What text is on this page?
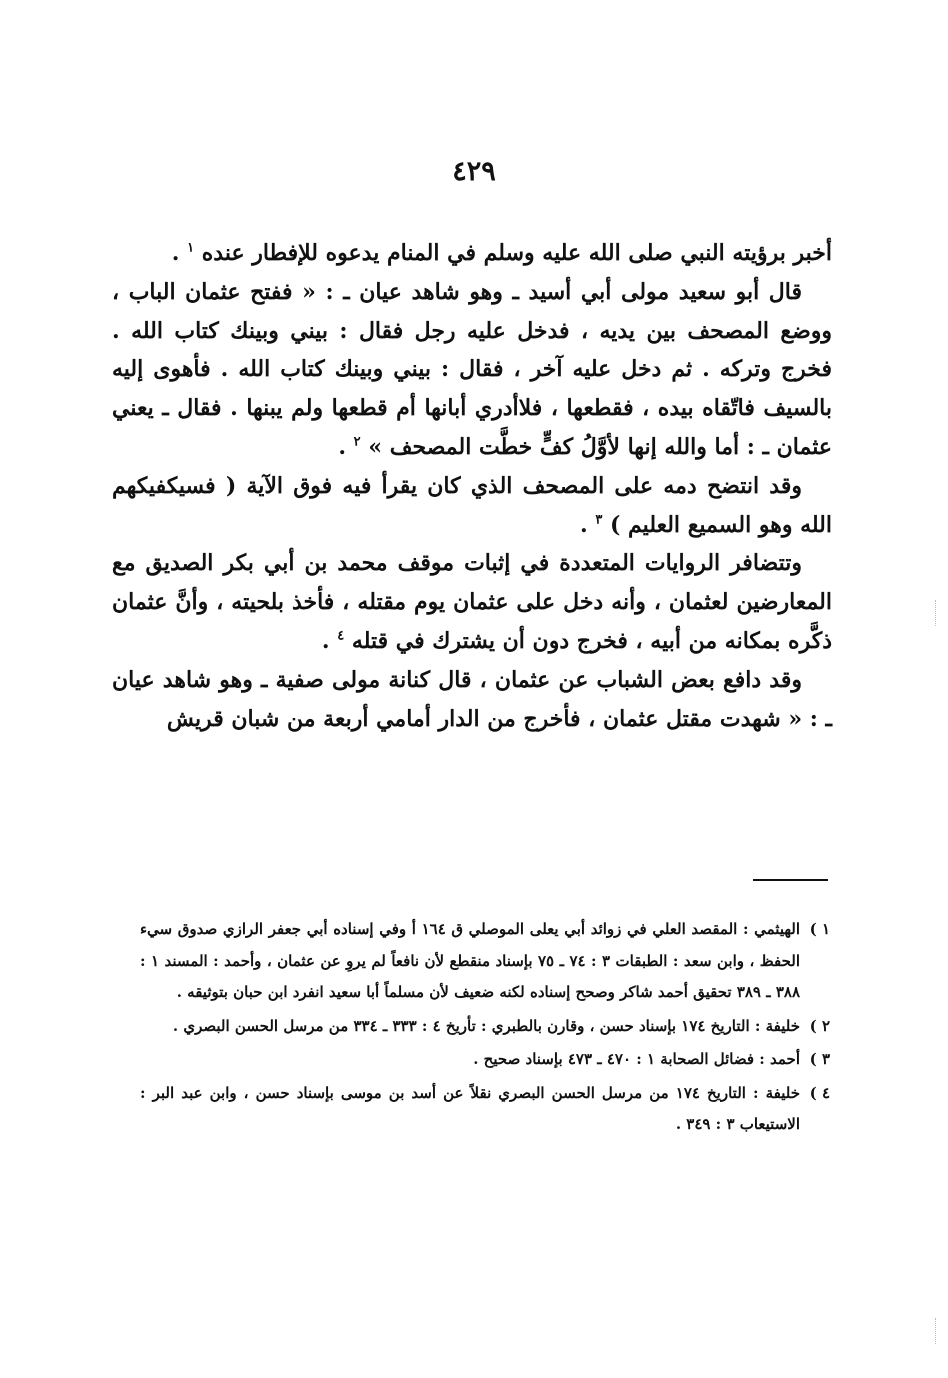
٤٢٩

أخبر برؤيته النبي صلى الله عليه وسلم في المنام يدعوه للإفطار عنده $^١$ .

قال أبو سعيد مولى أبي أسيد ـ وهو شاهد عيان ـ : « ففتح عثمان الباب ، ووضع المصحف بين يديه ، فدخل عليه رجل فقال : بيني وبينك كتاب الله . فخرج وتركه . ثم دخل عليه آخر ، فقال : بيني وبينك كتاب الله . فأهوى إليه بالسيف فاتّقاه بيده ، فقطعها ، فلاأدري أبانها أم قطعها ولم يبنها . فقال ـ يعني عثمان ـ : أما والله إنها لأوَّلُ كفٍّ خطَّت المصحف » $^٢$ .

وقد انتضح دمه على المصحف الذي كان يقرأ فيه فوق الآية ( فسيكفيكهم الله وهو السميع العليم ) $^٣$ .

وتتضافر الروايات المتعددة في إثبات موقف محمد بن أبي بكر الصديق مع المعارضين لعثمان ، وأنه دخل على عثمان يوم مقتله ، فأخذ بلحيته ، وأنَّ عثمان ذكَّره بمكانه من أبيه ، فخرج دون أن يشترك في قتله $^٤$ .

وقد دافع بعض الشباب عن عثمان ، قال كنانة مولى صفية ـ وهو شاهد عيان ـ : « شهدت مقتل عثمان ، فأخرج من الدار أمامي أربعة من شبان قريش

١ )
الهيثمي : المقصد العلي في زوائد أبي يعلى الموصلي ق ١٦٤ أ وفي إسناده أبي جعفر الرازي صدوق سيء الحفظ ، وابن سعد : الطبقات ٣ : ٧٤ ـ ٧٥ بإسناد منقطع لأن نافعاً لم يروِ عن عثمان ، وأحمد : المسند ١ : ٣٨٨ ـ ٣٨٩ تحقيق أحمد شاكر وصحح إسناده لكنه ضعيف لأن مسلماً أبا سعيد انفرد ابن حبان بتوثيقه .
٢ )
خليفة : التاريخ ١٧٤ بإسناد حسن ، وقارن بالطبري : تأريخ ٤ : ٣٣٣ ـ ٣٣٤ من مرسل الحسن البصري .
٣ )
أحمد : فضائل الصحابة ١ : ٤٧٠ ـ ٤٧٣ بإسناد صحيح .
٤ )
خليفة : التاريخ ١٧٤ من مرسل الحسن البصري نقلاً عن أسد بن موسى بإسناد حسن ، وابن عبد البر : الاستيعاب ٣ : ٣٤٩ .
